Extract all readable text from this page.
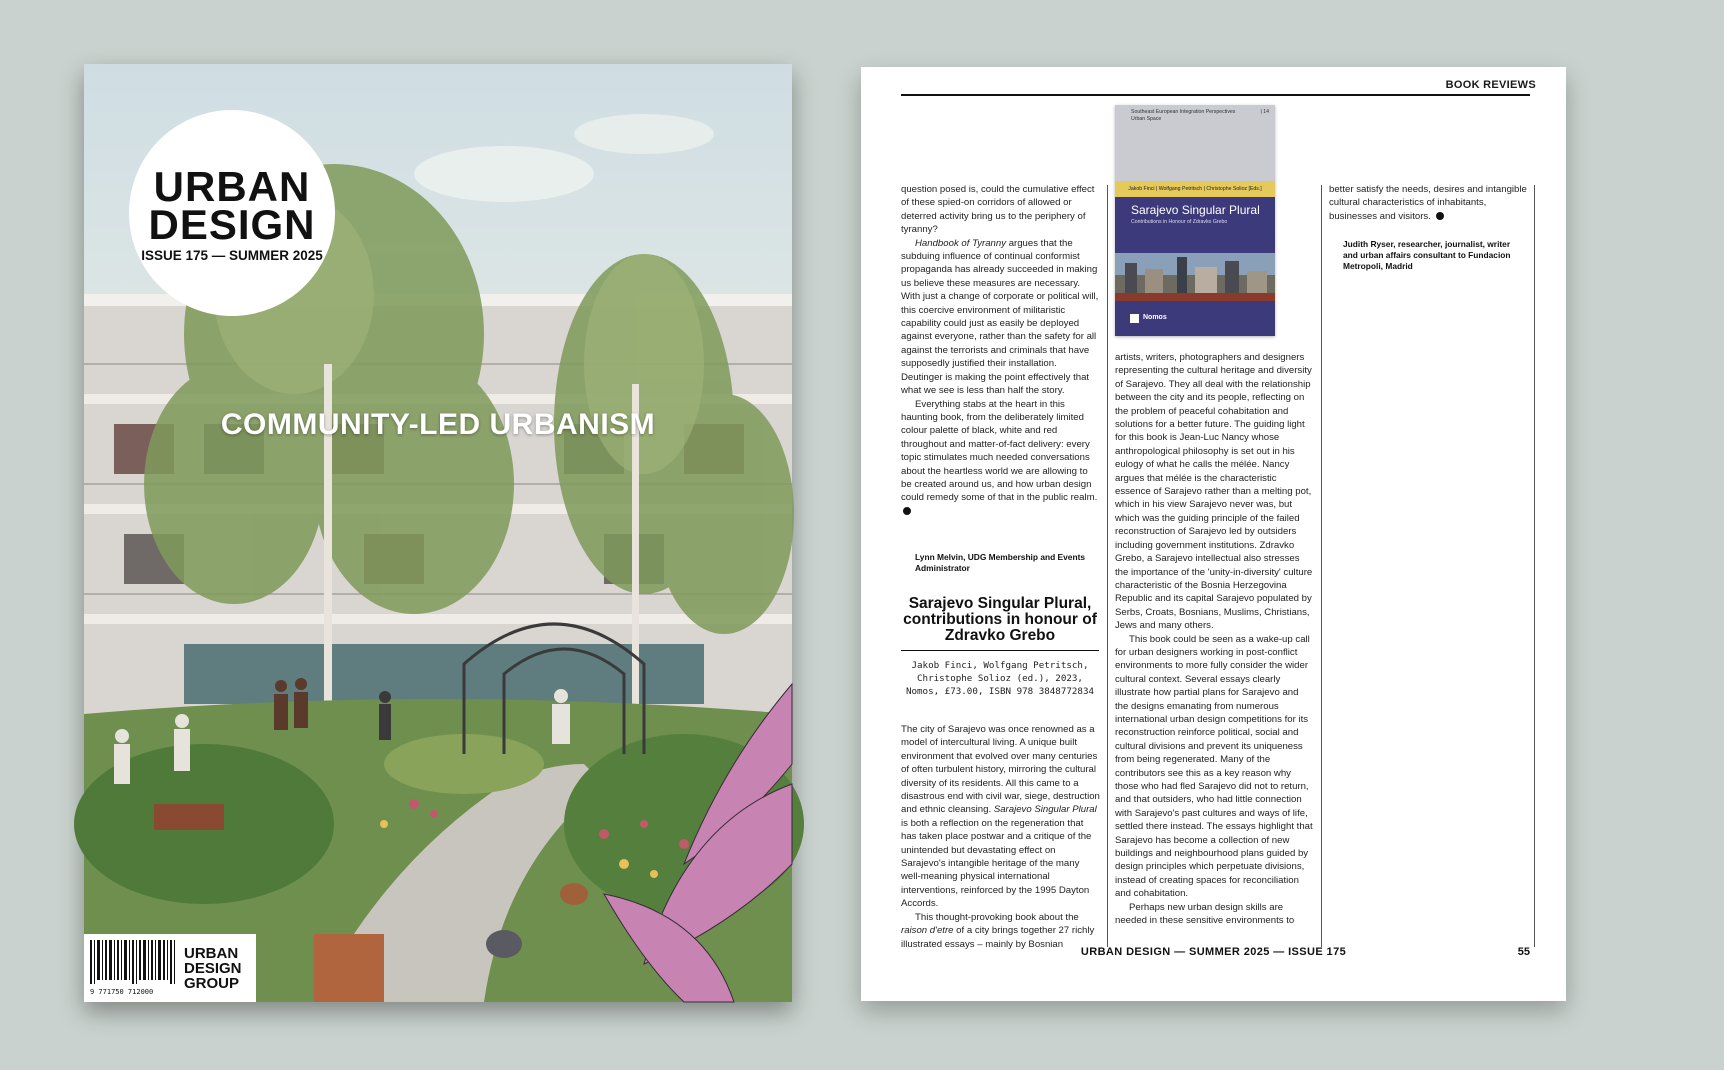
URBAN
DESIGN
ISSUE 175 — SUMMER 2025
COMMUNITY-LED URBANISM
9 771750 712000
URBAN
DESIGN
GROUP
BOOK REVIEWS

question posed is, could the cumulative effect of these spied-on corridors of allowed or deterred activity bring us to the periphery of tyranny?

Handbook of Tyranny argues that the subduing influence of continual conformist propaganda has already succeeded in making us believe these measures are necessary. With just a change of corporate or political will, this coercive environment of militaristic capability could just as easily be deployed against everyone, rather than the safety for all against the terrorists and criminals that have supposedly justified their installation. Deutinger is making the point effectively that what we see is less than half the story.

Everything stabs at the heart in this haunting book, from the deliberately limited colour palette of black, white and red throughout and matter-of-fact delivery: every topic stimulates much needed conversations about the heartless world we are allowing to be created around us, and how urban design could remedy some of that in the public realm.

Lynn Melvin, UDG Membership and Events Administrator
Sarajevo Singular Plural, contributions in honour of Zdravko Grebo
Jakob Finci, Wolfgang Petritsch, Christophe Solioz (ed.), 2023, Nomos, £73.00, ISBN 978 3848772834

The city of Sarajevo was once renowned as a model of intercultural living. A unique built environment that evolved over many centuries of often turbulent history, mirroring the cultural diversity of its residents. All this came to a disastrous end with civil war, siege, destruction and ethnic cleansing. Sarajevo Singular Plural is both a reflection on the regeneration that has taken place postwar and a critique of the unintended but devastating effect on Sarajevo's intangible heritage of the many well-meaning physical international interventions, reinforced by the 1995 Dayton Accords.

This thought-provoking book about the raison d'etre of a city brings together 27 richly illustrated essays – mainly by Bosnian

Southeast European Integration Perspectives
Urban Space
| 14
Jakob Finci | Wolfgang Petritsch | Christophe Solioz [Eds.]
Sarajevo Singular Plural
Contributions in Honour of Zdravko Grebo
Nomos

artists, writers, photographers and designers representing the cultural heritage and diversity of Sarajevo. They all deal with the relationship between the city and its people, reflecting on the problem of peaceful cohabitation and solutions for a better future. The guiding light for this book is Jean-Luc Nancy whose anthropological philosophy is set out in his eulogy of what he calls the mélée. Nancy argues that mélée is the characteristic essence of Sarajevo rather than a melting pot, which in his view Sarajevo never was, but which was the guiding principle of the failed reconstruction of Sarajevo led by outsiders including government institutions. Zdravko Grebo, a Sarajevo intellectual also stresses the importance of the 'unity-in-diversity' culture characteristic of the Bosnia Herzegovina Republic and its capital Sarajevo populated by Serbs, Croats, Bosnians, Muslims, Christians, Jews and many others.

This book could be seen as a wake-up call for urban designers working in post-conflict environments to more fully consider the wider cultural context. Several essays clearly illustrate how partial plans for Sarajevo and the designs emanating from numerous international urban design competitions for its reconstruction reinforce political, social and cultural divisions and prevent its uniqueness from being regenerated. Many of the contributors see this as a key reason why those who had fled Sarajevo did not to return, and that outsiders, who had little connection with Sarajevo's past cultures and ways of life, settled there instead. The essays highlight that Sarajevo has become a collection of new buildings and neighbourhood plans guided by design principles which perpetuate divisions, instead of creating spaces for reconciliation and cohabitation.

Perhaps new urban design skills are needed in these sensitive environments to

better satisfy the needs, desires and intangible cultural characteristics of inhabitants, businesses and visitors.

Judith Ryser, researcher, journalist, writer and urban affairs consultant to Fundacion Metropoli, Madrid
URBAN DESIGN — SUMMER 2025 — ISSUE 175	55
